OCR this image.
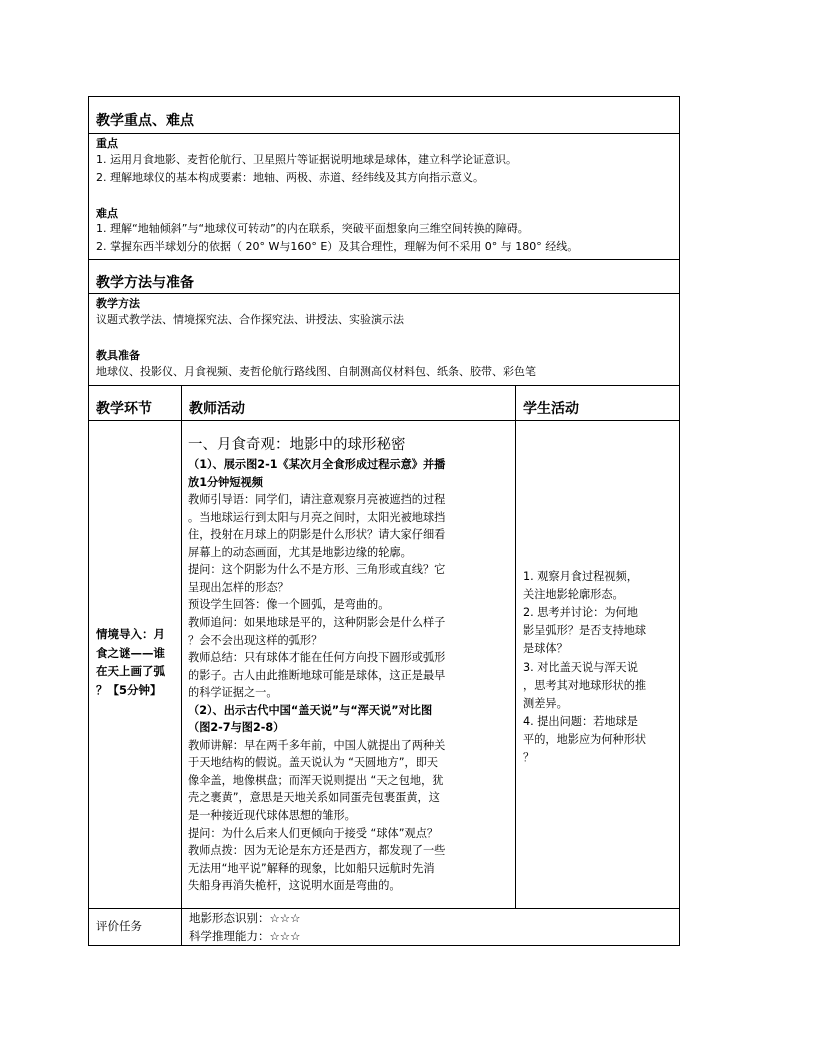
教学重点、难点
重点
1. 运用月食地影、麦哲伦航行、卫星照片等证据说明地球是球体，建立科学论证意识。
2. 理解地球仪的基本构成要素：地轴、两极、赤道、经纬线及其方向指示意义。
难点
1. 理解“地轴倾斜”与“地球仪可转动”的内在联系，突破平面想象向三维空间转换的障碍。
2. 掌握东西半球划分的依据（ 20° W与160° E）及其合理性，理解为何不采用 0° 与 180° 经线。
教学方法与准备
教学方法
议题式教学法、情境探究法、合作探究法、讲授法、实验演示法
教具准备
地球仪、投影仪、月食视频、麦哲伦航行路线图、自制测高仪材料包、纸条、胶带、彩色笔
教学环节	教师活动	学生活动
一、月食奇观：地影中的球形秘密
评价任务
地影形态识别：☆☆☆
科学推理能力：☆☆☆
情境导入：月
食之谜——谁
在天上画了弧
？【5分钟】
（1）、展示图2-1《某次月全食形成过程示意》并播
放1分钟短视频
教师引导语：同学们，请注意观察月亮被遮挡的过程
。当地球运行到太阳与月亮之间时，太阳光被地球挡
住，投射在月球上的阴影是什么形状？请大家仔细看
屏幕上的动态画面，尤其是地影边缘的轮廓。
提问：这个阴影为什么不是方形、三角形或直线？它
呈现出怎样的形态？
预设学生回答：像一个圆弧，是弯曲的。
教师追问：如果地球是平的，这种阴影会是什么样子
？会不会出现这样的弧形？
教师总结：只有球体才能在任何方向投下圆形或弧形
的影子。古人由此推断地球可能是球体，这正是最早
的科学证据之一。
（2）、出示古代中国“盖天说”与“浑天说”对比图
（图2-7与图2-8）
教师讲解：早在两千多年前，中国人就提出了两种关
于天地结构的假说。盖天说认为 “天圆地方”，即天
像伞盖，地像棋盘；而浑天说则提出 “天之包地，犹
壳之裹黄”，意思是天地关系如同蛋壳包裹蛋黄，这
是一种接近现代球体思想的雏形。
提问：为什么后来人们更倾向于接受 “球体”观点？
教师点拨：因为无论是东方还是西方，都发现了一些
无法用“地平说”解释的现象，比如船只远航时先消
失船身再消失桅杆，这说明水面是弯曲的。
1. 观察月食过程视频，
关注地影轮廓形态。
2. 思考并讨论：为何地
影呈弧形？是否支持地球
是球体？
3. 对比盖天说与浑天说
，思考其对地球形状的推
测差异。
4. 提出问题：若地球是
平的，地影应为何种形状
？
